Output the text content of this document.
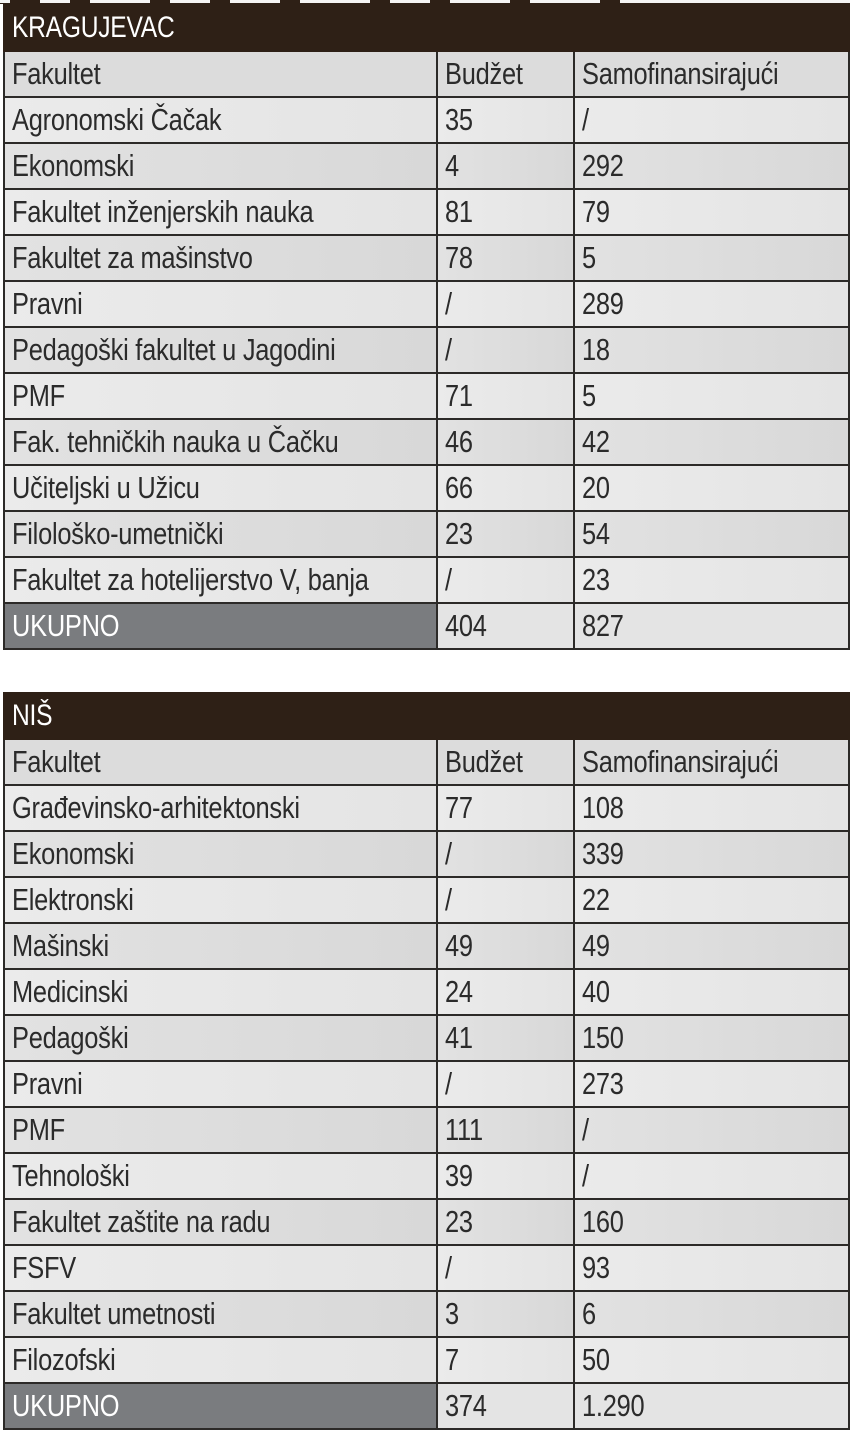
KRAGUJEVAC		
Fakultet	Budžet	Samofinansirajući
Agronomski Čačak	35	/
Ekonomski	4	292
Fakultet inženjerskih nauka	81	79
Fakultet za mašinstvo	78	5
Pravni	/	289
Pedagoški fakultet u Jagodini	/	18
PMF	71	5
Fak. tehničkih nauka u Čačku	46	42
Učiteljski u Užicu	66	20
Filološko-umetnički	23	54
Fakultet za hotelijerstvo V, banja	/	23
UKUPNO	404	827
NIŠ		
Fakultet	Budžet	Samofinansirajući
Građevinsko-arhitektonski	77	108
Ekonomski	/	339
Elektronski	/	22
Mašinski	49	49
Medicinski	24	40
Pedagoški	41	150
Pravni	/	273
PMF	111	/
Tehnološki	39	/
Fakultet zaštite na radu	23	160
FSFV	/	93
Fakultet umetnosti	3	6
Filozofski	7	50
UKUPNO	374	1.290
